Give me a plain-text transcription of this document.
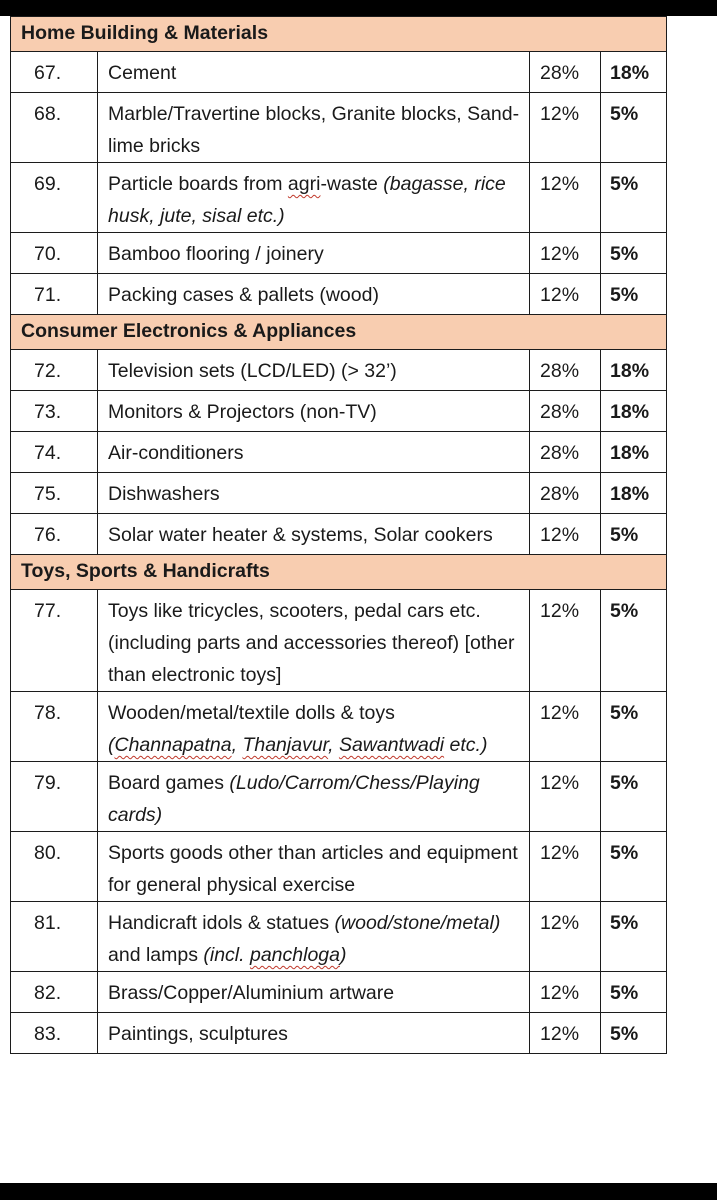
Home Building & Materials			
67.	Cement	28%	18%
68.	Marble/Travertine blocks, Granite blocks, Sand-lime bricks	12%	5%
69.	Particle boards from agri-waste (bagasse, rice husk, jute, sisal etc.)	12%	5%
70.	Bamboo flooring / joinery	12%	5%
71.	Packing cases & pallets (wood)	12%	5%
Consumer Electronics & Appliances			
72.	Television sets (LCD/LED) (> 32’)	28%	18%
73.	Monitors & Projectors (non-TV)	28%	18%
74.	Air-conditioners	28%	18%
75.	Dishwashers	28%	18%
76.	Solar water heater & systems, Solar cookers	12%	5%
Toys, Sports & Handicrafts			
77.	Toys like tricycles, scooters, pedal cars etc. (including parts and accessories thereof) [other than electronic toys]	12%	5%
78.	Wooden/metal/textile dolls & toys (Channapatna, Thanjavur, Sawantwadi etc.)	12%	5%
79.	Board games (Ludo/Carrom/Chess/Playing cards)	12%	5%
80.	Sports goods other than articles and equipment for general physical exercise	12%	5%
81.	Handicraft idols & statues (wood/stone/metal) and lamps (incl. panchloga)	12%	5%
82.	Brass/Copper/Aluminium artware	12%	5%
83.	Paintings, sculptures	12%	5%
